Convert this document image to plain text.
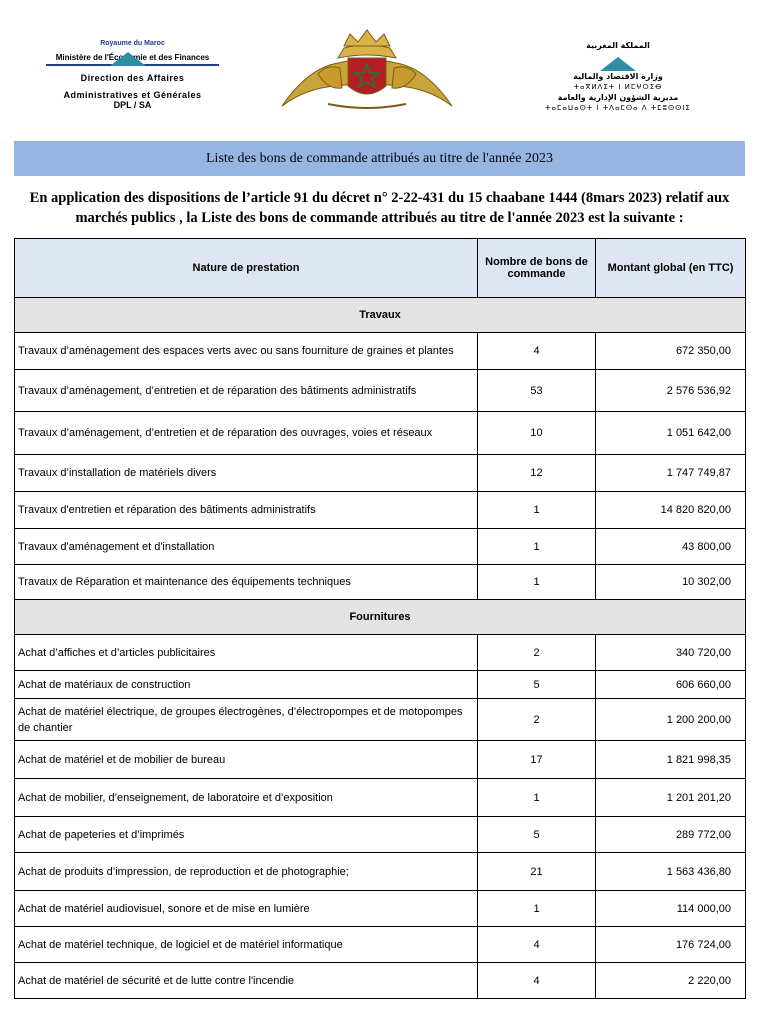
Royaume du Maroc
Ministère de l'Économie et des Finances
Direction des Affaires
Administratives et Générales
DPL / SA
المملكة المغربية
وزارة الاقتصاد والمالية
ⵜⴰⴳⵍⴷⵉⵜ ⵏ ⵍⵎⵖⵔⵉⴱ
مديرية الشؤون الإدارية والعامة
ⵜⴰⵎⴰⵡⴰⵙⵜ ⵏ ⵜⴷⴰⵎⵙⴰ ⴷ ⵜⵎⵓⵙⵙⵏⵉ
Liste des bons de commande attribués au titre de l'année 2023
En application des dispositions de l’article 91 du décret n° 2-22-431 du 15 chaabane 1444 (8mars 2023) relatif aux marchés publics , la Liste des bons de commande attribués au titre de l'année 2023 est la suivante :
Nature de prestation	Nombre de bons de commande	Montant global (en TTC)
Travaux		
Travaux d’aménagement des espaces verts avec ou sans fourniture de graines et plantes	4	672 350,00
Travaux d’aménagement, d’entretien et de réparation des bâtiments administratifs	53	2 576 536,92
Travaux d’aménagement, d’entretien et de réparation des ouvrages, voies et réseaux	10	1 051 642,00
Travaux d’installation de matériels divers	12	1 747 749,87
Travaux d'entretien et réparation des bâtiments administratifs	1	14 820 820,00
Travaux d'aménagement et d'installation	1	43 800,00
Travaux de Réparation et maintenance des équipements techniques	1	10 302,00
Fournitures		
Achat d’affiches et d’articles publicitaires	2	340 720,00
Achat de matériaux de construction	5	606 660,00
Achat de matériel électrique, de groupes électrogènes, d’électropompes et de motopompes de chantier	2	1 200 200,00
Achat de matériel et de mobilier de bureau	17	1 821 998,35
Achat de mobilier, d’enseignement, de laboratoire et d’exposition	1	1 201 201,20
Achat de papeteries et d’imprimés	5	289 772,00
Achat de produits d’impression, de reproduction et de photographie;	21	1 563 436,80
Achat de matériel audiovisuel, sonore et de mise en lumière	1	114 000,00
Achat de matériel technique, de logiciel et de matériel informatique	4	176 724,00
Achat de matériel de sécurité et de lutte contre l'incendie	4	2 220,00
